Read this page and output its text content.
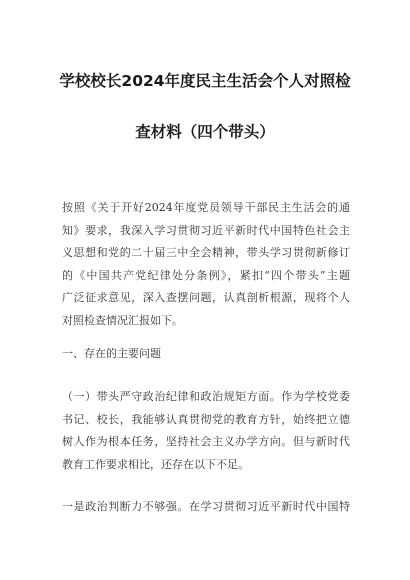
学校校长2024年度民主生活会个人对照检
查材料（四个带头）

按照《关于开好2024年度党员领导干部民主生活会的通
知》要求，我深入学习贯彻习近平新时代中国特色社会主
义思想和党的二十届三中全会精神，带头学习贯彻新修订
的《中国共产党纪律处分条例》，紧扣“四个带头”主题
广泛征求意见，深入查摆问题，认真剖析根源，现将个人
对照检查情况汇报如下。

一、存在的主要问题

（一）带头严守政治纪律和政治规矩方面。作为学校党委
书记、校长，我能够认真贯彻党的教育方针，始终把立德
树人作为根本任务，坚持社会主义办学方向。但与新时代
教育工作要求相比，还存在以下不足。

一是政治判断力不够强。在学习贯彻习近平新时代中国特
